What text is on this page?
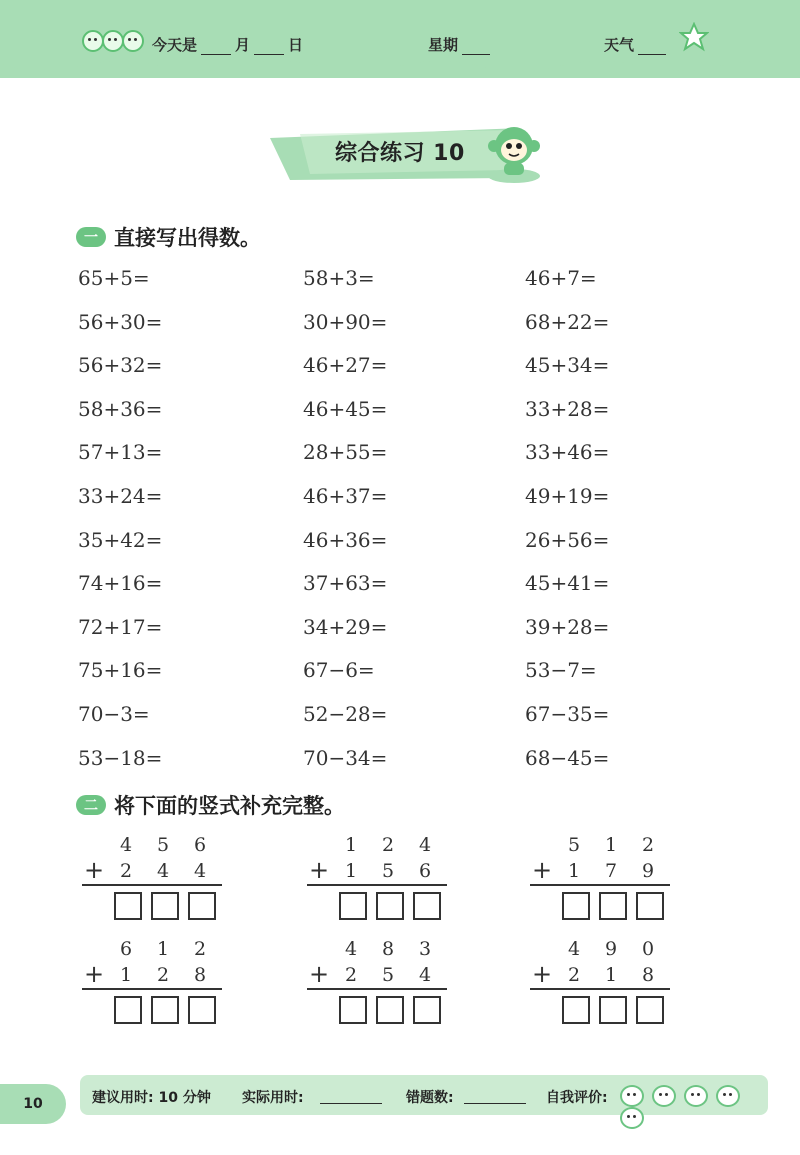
今天是	月	日	星期	天气
综合练习 10
一 直接写出得数。
65+5=	58+3=	46+7=
56+30=	30+90=	68+22=
56+32=	46+27=	45+34=
58+36=	46+45=	33+28=
57+13=	28+55=	33+46=
33+24=	46+37=	49+19=
35+42=	46+36=	26+56=
74+16=	37+63=	45+41=
72+17=	34+29=	39+28=
75+16=	67−6=	53−7=
70−3=	52−28=	67−35=
53−18=	70−34=	68−45=
二 将下面的竖式补充完整。
4 5 6
+ 2 4 4
1 2 4
+ 1 5 6
5 1 2
+ 1 7 9
6 1 2
+ 1 2 8
4 8 3
+ 2 5 4
4 9 0
+ 2 1 8
10	建议用时: 10 分钟 实际用时:	错题数:	自我评价:
